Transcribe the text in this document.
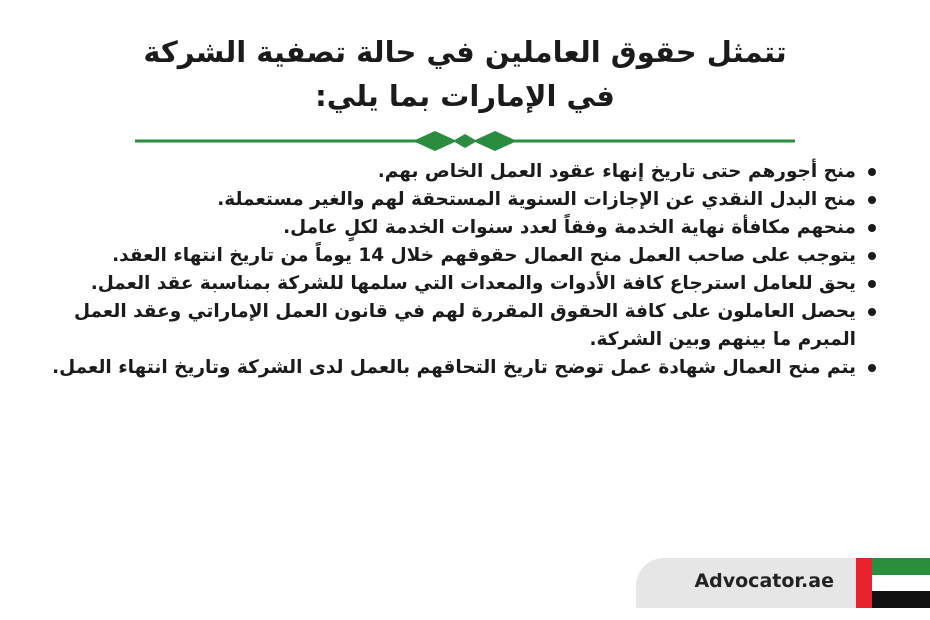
تتمثل حقوق العاملين في حالة تصفية الشركة
في الإمارات بما يلي:
منح أجورهم حتى تاريخ إنهاء عقود العمل الخاص بهم.
منح البدل النقدي عن الإجازات السنوية المستحقة لهم والغير مستعملة.
منحهم مكافأة نهاية الخدمة وفقاً لعدد سنوات الخدمة لكلٍ عامل.
يتوجب على صاحب العمل منح العمال حقوقهم خلال 14 يوماً من تاريخ انتهاء العقد.
يحق للعامل استرجاع كافة الأدوات والمعدات التي سلمها للشركة بمناسبة عقد العمل.
يحصل العاملون على كافة الحقوق المقررة لهم في قانون العمل الإماراتي وعقد العمل المبرم ما بينهم وبين الشركة.
يتم منح العمال شهادة عمل توضح تاريخ التحاقهم بالعمل لدى الشركة وتاريخ انتهاء العمل.
Advocator.ae
